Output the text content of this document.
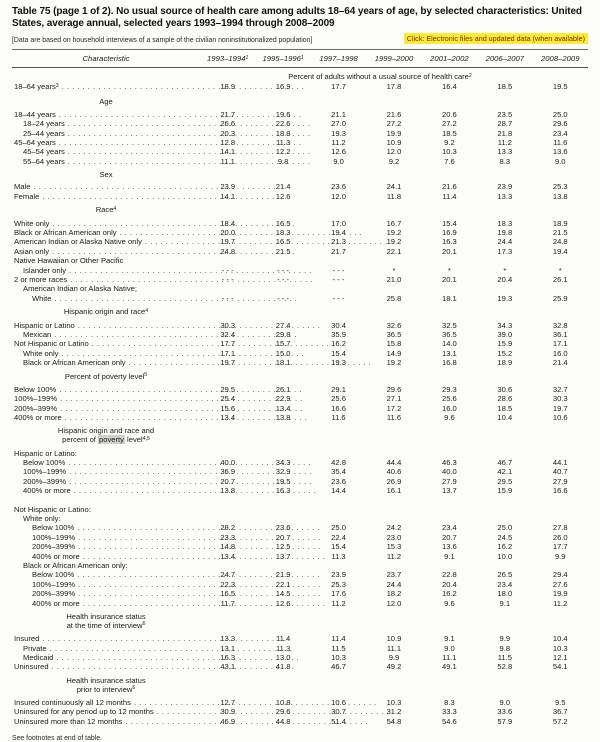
Table 75 (page 1 of 2). No usual source of health care among adults 18–64 years of age, by selected characteristics: United States, average annual, selected years 1993–1994 through 2008–2009
[Data are based on household interviews of a sample of the civilian noninstitutionalized population]	Click: Electronic files and updated data (when available)
Characteristic	1993–1994$^1$	1995–1996$^1$	1997–1998	1999–2000	2001–2002	2006–2007	2008–2009
Percent of adults without a usual source of health care$^2$
18–64 years$^3$ . . .	18.9	16.9	17.7	17.8	16.4	18.5	19.5
Age
18–44 years . . .	21.7	19.6	21.1	21.6	20.6	23.5	25.0
18–24 years . . .	26.6	22.6	27.0	27.2	27.2	28.7	29.6
25–44 years . . .	20.3	18.8	19.3	19.9	18.5	21.8	23.4
45–64 years . . .	12.8	11.3	11.2	10.9	9.2	11.2	11.6
45–54 years . . .	14.1	12.2	12.6	12.0	10.3	13.3	13.6
55–64 years . . .	11.1	9.8	9.0	9.2	7.6	8.3	9.0
Sex
Male . . .	23.9	21.4	23.6	24.1	21.6	23.9	25.3
Female . . .	14.1	12.6	12.0	11.8	11.4	13.3	13.8
Race$^4$
White only . . .	18.4	16.5	17.0	16.7	15.4	18.3	18.9
Black or African American only . . .	20.0	18.3	19.4	19.2	16.9	19.8	21.5
American Indian or Alaska Native only . . .	19.7	16.5	21.3	19.2	16.3	24.4	24.8
Asian only . . .	24.8	21.5	21.7	22.1	20.1	17.3	19.4
Native Hawaiian or Other Pacific
Islander only . . .	- - -	- - -	- - -	*	*	*	*
2 or more races . . .	- - -	- - -	- - -	21.0	20.1	20.4	26.1
American Indian or Alaska Native;
White . . .	- - -	- - -	- - -	25.8	18.1	19.3	25.9
Hispanic origin and race$^4$
Hispanic or Latino . . .	30.3	27.4	30.4	32.6	32.5	34.3	32.8
Mexican . . .	32.4	29.8	35.9	36.5	36.5	39.0	36.1
Not Hispanic or Latino . . .	17.7	15.7	16.2	15.8	14.0	15.9	17.1
White only . . .	17.1	15.0	15.4	14.9	13.1	15.2	16.0
Black or African American only . . .	19.7	18.1	19.3	19.2	16.8	18.9	21.4
Percent of poverty level$^5$
Below 100% . . .	29.5	26.1	29.1	29.6	29.3	30.6	32.7
100%–199% . . .	25.4	22.9	25.6	27.1	25.6	28.6	30.3
200%–399% . . .	15.6	13.4	16.6	17.2	16.0	18.5	19.7
400% or more . . .	13.4	13.8	11.6	11.6	9.6	10.4	10.6
Hispanic origin and race and
percent of poverty level$^{4,5}$
Hispanic or Latino:
Below 100% . . .	40.0	34.3	42.8	44.4	46.3	46.7	44.1
100%–199% . . .	36.9	32.9	35.4	40.6	40.0	42.1	40.7
200%–399% . . .	20.7	19.5	23.6	26.9	27.9	29.5	27.9
400% or more . . .	13.8	16.3	14.4	16.1	13.7	15.9	16.6
Not Hispanic or Latino:
White only:
Below 100% . . .	28.2	23.6	25.0	24.2	23.4	25.0	27.8
100%–199% . . .	23.3	20.7	22.4	23.0	20.7	24.5	26.0
200%–399% . . .	14.8	12.5	15.4	15.3	13.6	16.2	17.7
400% or more . . .	13.4	13.7	11.3	11.2	9.1	10.0	9.9
Black or African American only:
Below 100% . . .	24.7	21.9	23.9	23.7	22.8	26.5	29.4
100%–199% . . .	22.3	22.1	25.3	24.4	20.4	23.4	27.6
200%–399% . . .	16.5	14.5	17.6	18.2	16.2	18.0	19.9
400% or more . . .	11.7	12.6	11.2	12.0	9.6	9.1	11.2
Health insurance status
at the time of interview$^6$
Insured . . .	13.3	11.4	11.4	10.9	9.1	9.9	10.4
Private . . .	13.1	11.3	11.5	11.1	9.0	9.8	10.3
Medicaid . . .	16.3	13.0	10.3	9.9	11.1	11.5	12.1
Uninsured . . .	43.1	41.8	46.7	49.2	49.1	52.8	54.1
Health insurance status
prior to interview$^6$
Insured continuously all 12 months . . .	12.7	10.8	10.6	10.3	8.3	9.0	9.5
Uninsured for any period up to 12 months . . .	30.9	29.6	30.7	31.2	33.3	33.6	36.7
Uninsured more than 12 months . . .	46.9	44.8	51.4	54.8	54.6	57.9	57.2
See footnotes at end of table.
